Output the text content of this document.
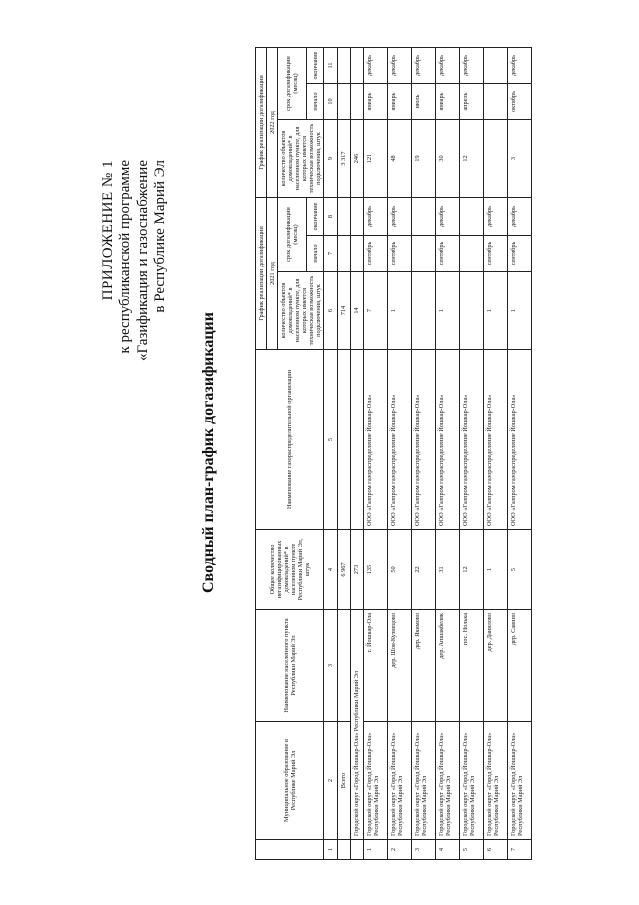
ПРИЛОЖЕНИЕ № 1 к республиканской программе «Газификация и газоснабжение в Республике Марий Эл
Сводный план-график догазификации
	Муниципальное образование в Республике Марий Эл	Наименование населенного пункта Республики Марий Эл	Общее количество негазифицированных домовладений* в населенном пункте Республики Марий Эл, штук	Наименование газораспределительной организации	График реализации догазификации			График реализации догазификации		
					2021 год			2022 год		
					количество объектов домовладений* в населенном пункте, для которых имеется техническая возможность подключения, штук	срок догазификации (месяц)		количество объектов домовладений* в населенном пункте, для которых имеется техническая возможность подключения, штук	срок догазификации (месяц)	
						начало	окончание		начало	окончание
1	2	3	4	5	6	7	8	9	10	11
	Всего		6 967		714			3 317		
	Городской округ «Город Йошкар-Ола» Республики Марий Эл		273		14			246		
1	Городской округ «Город Йошкар-Ола» Республики Марий Эл	г. Йошкар-Ола	135	ООО «Газпром газораспределение Йошкар-Ола»	7	сентябрь	декабрь	121	январь	декабрь
2	Городской округ «Город Йошкар-Ола» Республики Марий Эл	дер. Шоя-Кузнецово	50	ООО «Газпром газораспределение Йошкар-Ола»	1	сентябрь	декабрь	48	январь	декабрь
3	Городской округ «Город Йошкар-Ола» Республики Марий Эл	дер. Якимово	22	ООО «Газпром газораспределение Йошкар-Ола»				19	июль	декабрь
4	Городской округ «Город Йошкар-Ола» Республики Марий Эл	дер. Апшакбеляк	31	ООО «Газпром газораспределение Йошкар-Ола»	1	сентябрь	декабрь	30	январь	декабрь
5	Городской округ «Город Йошкар-Ола» Республики Марий Эл	пос. Нолька	12	ООО «Газпром газораспределение Йошкар-Ола»				12	апрель	декабрь
6	Городской округ «Город Йошкар-Ола» Республики Марий Эл	дер. Данилово	1	ООО «Газпром газораспределение Йошкар-Ола»	1	сентябрь	декабрь			
7	Городской округ «Город Йошкар-Ола» Республики Марий Эл	дер. Савино	5	ООО «Газпром газораспределение Йошкар-Ола»	1	сентябрь	декабрь	3	октябрь	декабрь
